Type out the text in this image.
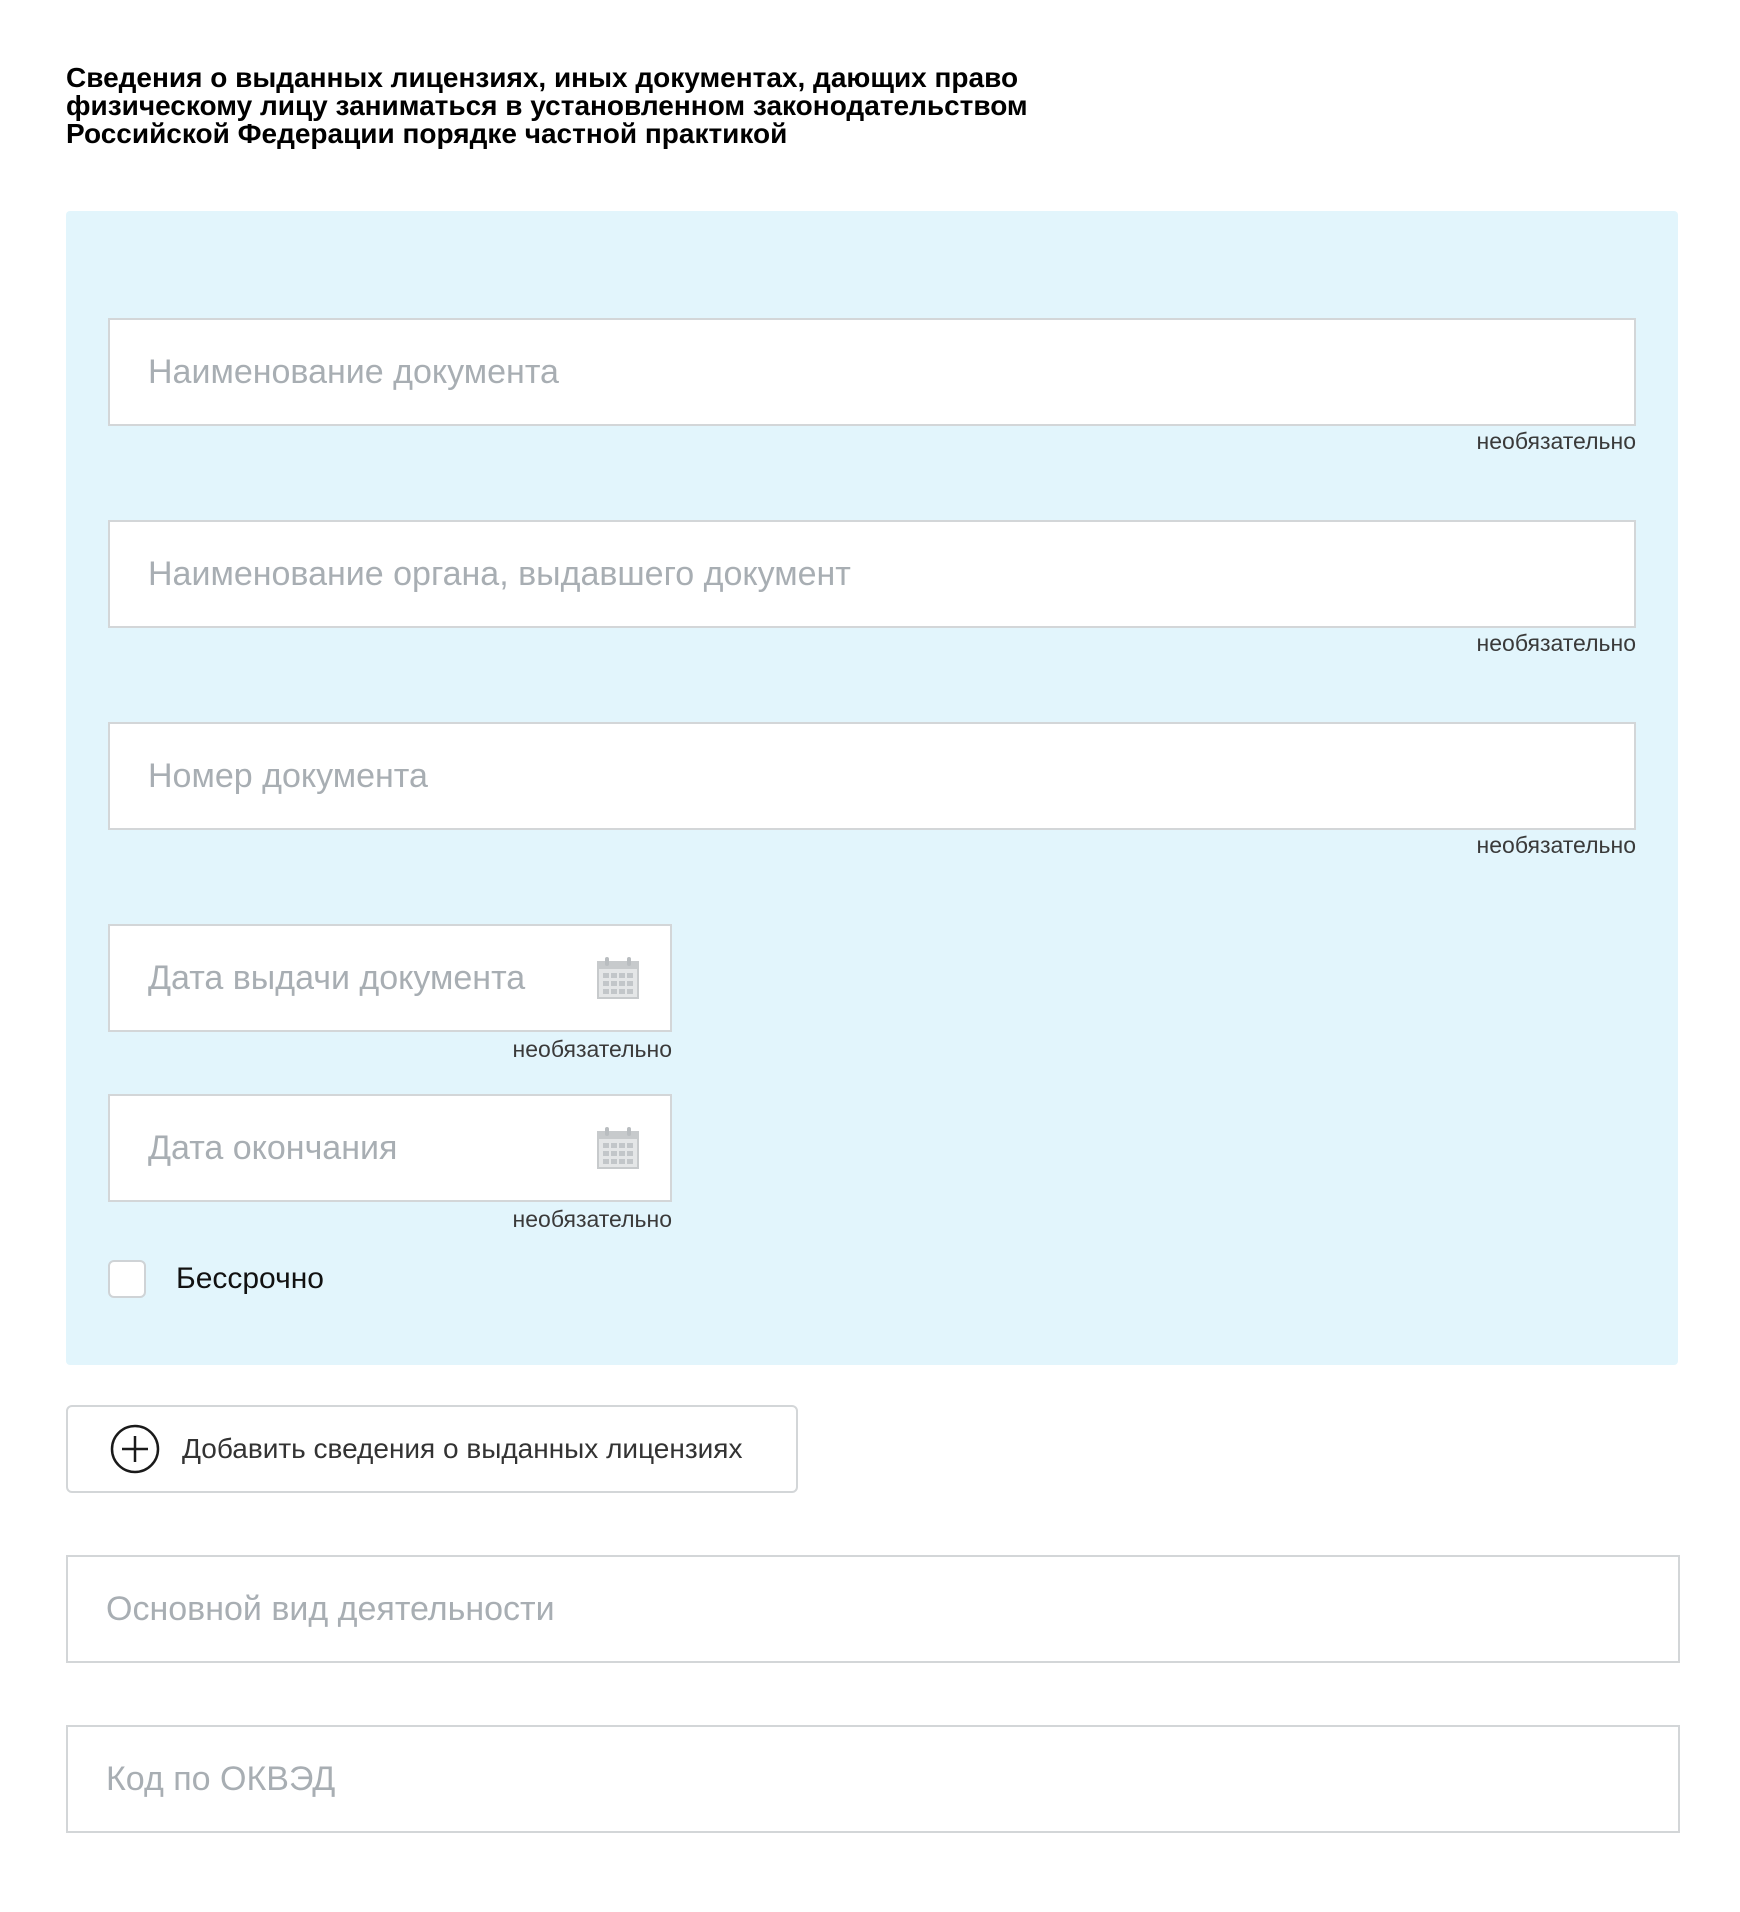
Сведения о выданных лицензиях, иных документах, дающих право
физическому лицу заниматься в установленном законодательством
Российской Федерации порядке частной практикой
Наименование документа
необязательно
Наименование органа, выдавшего документ
необязательно
Номер документа
необязательно
Дата выдачи документа
необязательно
Дата окончания
необязательно
Бессрочно
Добавить сведения о выданных лицензиях
Основной вид деятельности
Код по ОКВЭД
